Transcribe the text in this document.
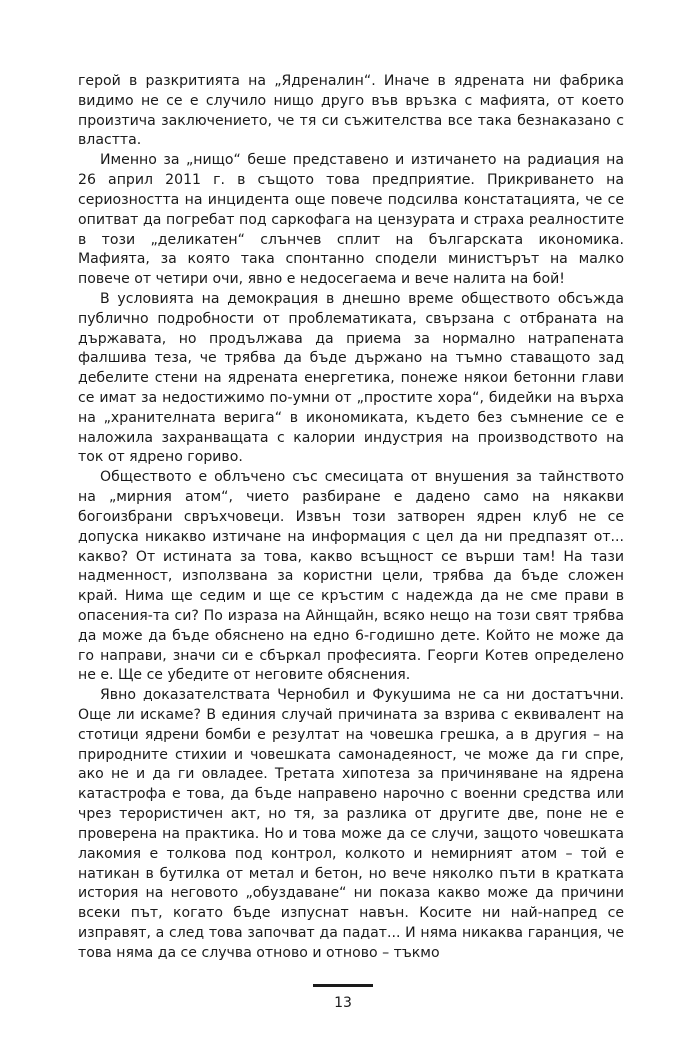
герой в разкритията на „Ядреналин“. Иначе в ядрената ни фабрика видимо не се е случило нищо друго във връзка с мафията, от което произтича заключението, че тя си съжителства все така безнаказано с властта.

Именно за „нищо“ беше представено и изтичането на радиация на 26 април 2011 г. в същото това предприятие. Прикриването на сериозността на инцидента още повече подсилва констатацията, че се опитват да погребат под саркофага на цензурата и страха реалностите в този „деликатен“ слънчев сплит на българската икономика. Мафията, за която така спонтанно сподели министърът на малко повече от четири очи, явно е недосегаема и вече налита на бой!

В условията на демокрация в днешно време обществото обсъжда публично подробности от проблематиката, свързана с отбраната на държавата, но продължава да приема за нормално натрапената фалшива теза, че трябва да бъде държано на тъмно ставащото зад дебелите стени на ядрената енергетика, понеже някои бетонни глави се имат за недостижимо по-умни от „простите хора“, бидейки на върха на „хранителната верига“ в икономиката, където без съмнение се е наложила захранващата с калории индустрия на производството на ток от ядрено гориво.

Обществото е облъчено със смесицата от внушения за тайнството на „мирния атом“, чието разбиране е дадено само на някакви богоизбрани свръхчовеци. Извън този затворен ядрен клуб не се допуска никакво изтичане на информация с цел да ни предпазят от... какво? От истината за това, какво всъщност се върши там! На тази надменност, използвана за користни цели, трябва да бъде сложен край. Нима ще седим и ще се кръстим с надежда да не сме прави в опасения-та си? По израза на Айнщайн, всяко нещо на този свят трябва да може да бъде обяснено на едно 6-годишно дете. Който не може да го направи, значи си е сбъркал професията. Георги Котев определено не е. Ще се убедите от неговите обяснения.

Явно доказателствата Чернобил и Фукушима не са ни достатъчни. Още ли искаме? В единия случай причината за взрива с еквивалент на стотици ядрени бомби е резултат на човешка грешка, а в другия – на природните стихии и човешката самонадеяност, че може да ги спре, ако не и да ги овладее. Третата хипотеза за причиняване на ядрена катастрофа е това, да бъде направено нарочно с военни средства или чрез терористичен акт, но тя, за разлика от другите две, поне не е проверена на практика. Но и това може да се случи, защото човешката лакомия е толкова под контрол, колкото и немирният атом – той е натикан в бутилка от метал и бетон, но вече няколко пъти в кратката история на неговото „обуздаване“ ни показа какво може да причини всеки път, когато бъде изпуснат навън. Косите ни най-напред се изправят, а след това започват да падат... И няма никаква гаранция, че това няма да се случва отново и отново – тъкмо

13
